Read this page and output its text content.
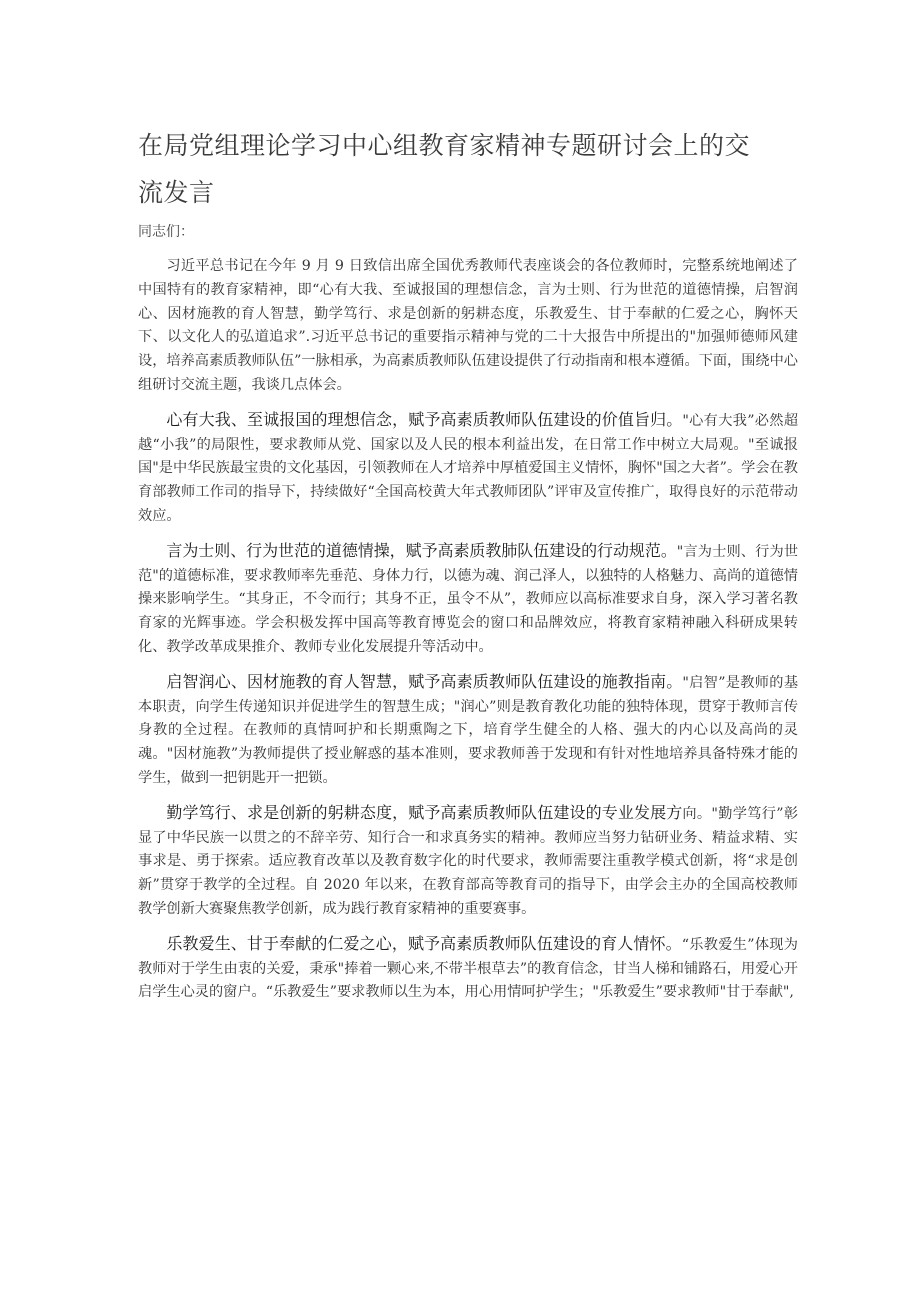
在局党组理论学习中心组教育家精神专题研讨会上的交流发言

同志们：

习近平总书记在今年 9 月 9 日致信出席全国优秀教师代表座谈会的各位教师时，完整系统地阐述了中国特有的教育家精神，即“心有大我、至诚报国的理想信念，言为士则、行为世范的道德情操，启智润心、因材施教的育人智慧，勤学笃行、求是创新的躬耕态度，乐教爱生、甘于奉献的仁爱之心，胸怀天下、以文化人的弘道追求”.习近平总书记的重要指示精神与党的二十大报告中所提出的"加强师德师风建设，培养高素质教师队伍”一脉相承，为高素质教师队伍建设提供了行动指南和根本遵循。下面，围绕中心组研讨交流主题，我谈几点体会。

心有大我、至诚报国的理想信念，赋予高素质教师队伍建设的价值旨归。"心有大我”必然超越“小我”的局限性，要求教师从党、国家以及人民的根本利益出发，在日常工作中树立大局观。"至诚报国"是中华民族最宝贵的文化基因，引领教师在人才培养中厚植爱国主义情怀，胸怀"国之大者”。学会在教育部教师工作司的指导下，持续做好“全国高校黄大年式教师团队”评审及宣传推广，取得良好的示范带动效应。

言为士则、行为世范的道德情操，赋予高素质教肺队伍建设的行动规范。"言为士则、行为世范"的道德标准，要求教师率先垂范、身体力行，以德为魂、润己泽人，以独特的人格魅力、高尚的道德情操来影响学生。“其身正，不令而行；其身不正，虽令不从”，教师应以高标准要求自身，深入学习著名教育家的光辉事迹。学会积极发挥中国高等教育博览会的窗口和品牌效应，将教育家精神融入科研成果转化、教学改革成果推介、教师专业化发展提升等活动中。

启智润心、因材施教的育人智慧，赋予高素质教师队伍建设的施教指南。"启智”是教师的基本职责，向学生传递知识并促进学生的智慧生成；"润心”则是教育教化功能的独特体现，贯穿于教师言传身教的全过程。在教师的真情呵护和长期熏陶之下，培育学生健全的人格、强大的内心以及高尚的灵魂。"因材施教”为教师提供了授业解惑的基本准则，要求教师善于发现和有针对性地培养具备特殊才能的学生，做到一把钥匙开一把锁。

勤学笃行、求是创新的躬耕态度，赋予高素质教师队伍建设的专业发展方向。"勤学笃行”彰显了中华民族一以贯之的不辞辛劳、知行合一和求真务实的精神。教师应当努力钻研业务、精益求精、实事求是、勇于探索。适应教育改革以及教育数字化的时代要求，教师需要注重教学模式创新，将“求是创新”贯穿于教学的全过程。自 2020 年以来，在教育部高等教育司的指导下，由学会主办的全国高校教师教学创新大赛聚焦教学创新，成为践行教育家精神的重要赛事。

乐教爱生、甘于奉献的仁爱之心，赋予高素质教师队伍建设的育人情怀。“乐教爱生”体现为教师对于学生由衷的关爱，秉承"捧着一颗心来,不带半根草去”的教育信念，甘当人梯和铺路石，用爱心开启学生心灵的窗户。“乐教爱生”要求教师以生为本，用心用情呵护学生；"乐教爱生”要求教师"甘于奉献",
